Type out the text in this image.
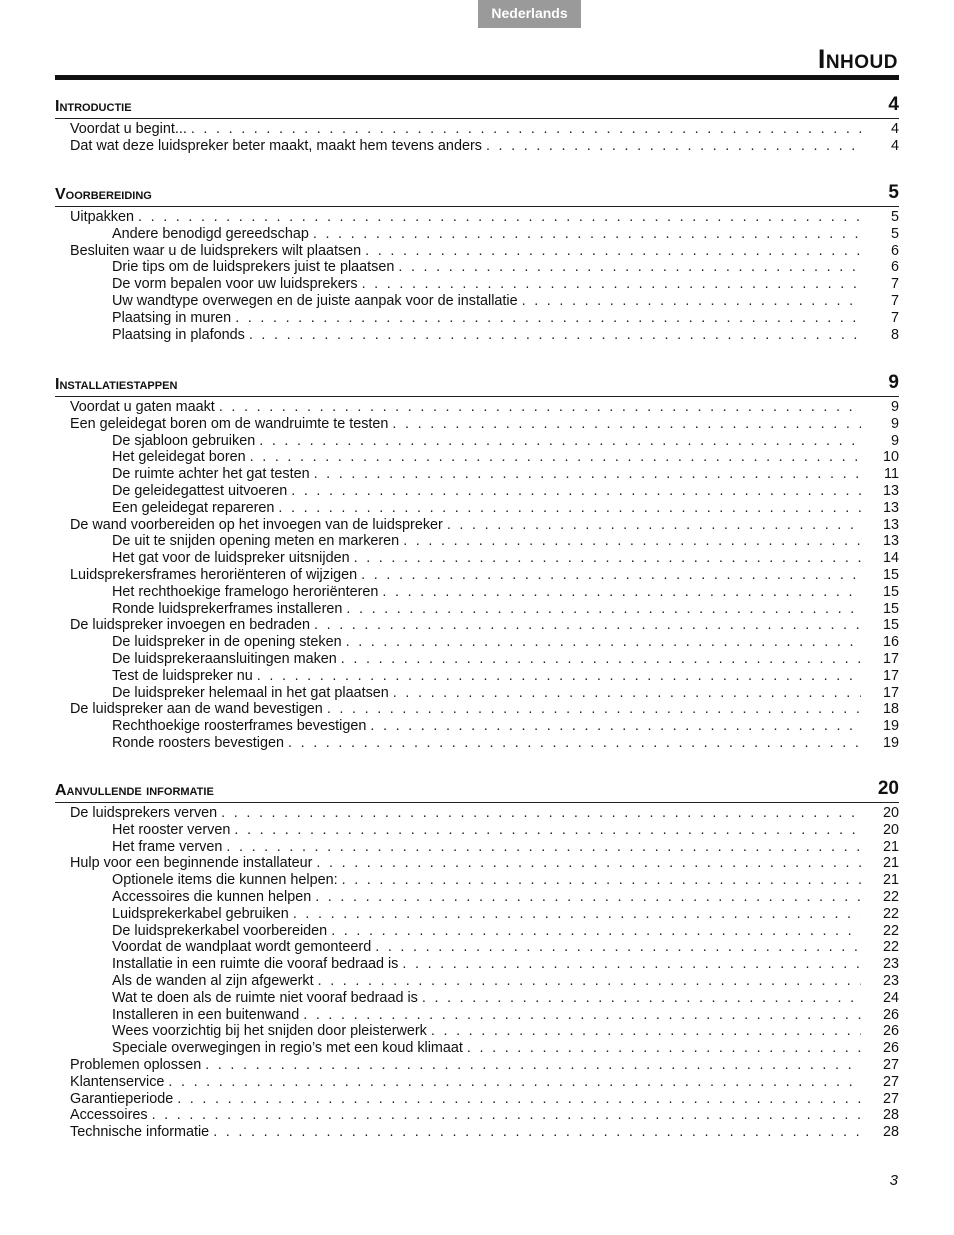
Nederlands
Inhoud
Introductie	4
Voordat u begint... . . .	4
Dat wat deze luidspreker beter maakt, maakt hem tevens anders . . .	4
Voorbereiding	5
Uitpakken . . .	5
Andere benodigd gereedschap . . .	5
Besluiten waar u de luidsprekers wilt plaatsen . . .	6
Drie tips om de luidsprekers juist te plaatsen . . .	6
De vorm bepalen voor uw luidsprekers . . .	7
Uw wandtype overwegen en de juiste aanpak voor de installatie . . .	7
Plaatsing in muren . . .	7
Plaatsing in plafonds . . .	8
Installatiestappen	9
Voordat u gaten maakt . . .	9
Een geleidegat boren om de wandruimte te testen . . .	9
De sjabloon gebruiken . . .	9
Het geleidegat boren . . .	10
De ruimte achter het gat testen . . .	11
De geleidegattest uitvoeren . . .	13
Een geleidegat repareren . . .	13
De wand voorbereiden op het invoegen van de luidspreker . . .	13
De uit te snijden opening meten en markeren . . .	13
Het gat voor de luidspreker uitsnijden . . .	14
Luidsprekersframes heroriënteren of wijzigen . . .	15
Het rechthoekige framelogo heroriënteren . . .	15
Ronde luidsprekerframes installeren . . .	15
De luidspreker invoegen en bedraden . . .	15
De luidspreker in de opening steken . . .	16
De luidsprekeraansluitingen maken . . .	17
Test de luidspreker nu . . .	17
De luidspreker helemaal in het gat plaatsen . . .	17
De luidspreker aan de wand bevestigen . . .	18
Rechthoekige roosterframes bevestigen . . .	19
Ronde roosters bevestigen . . .	19
Aanvullende informatie	20
De luidsprekers verven . . .	20
Het rooster verven . . .	20
Het frame verven . . .	21
Hulp voor een beginnende installateur . . .	21
Optionele items die kunnen helpen: . . .	21
Accessoires die kunnen helpen . . .	22
Luidsprekerkabel gebruiken . . .	22
De luidsprekerkabel voorbereiden . . .	22
Voordat de wandplaat wordt gemonteerd . . .	22
Installatie in een ruimte die vooraf bedraad is . . .	23
Als de wanden al zijn afgewerkt . . .	23
Wat te doen als de ruimte niet vooraf bedraad is . . .	24
Installeren in een buitenwand . . .	26
Wees voorzichtig bij het snijden door pleisterwerk . . .	26
Speciale overwegingen in regio’s met een koud klimaat . . .	26
Problemen oplossen . . .	27
Klantenservice . . .	27
Garantieperiode . . .	27
Accessoires . . .	28
Technische informatie . . .	28
3
